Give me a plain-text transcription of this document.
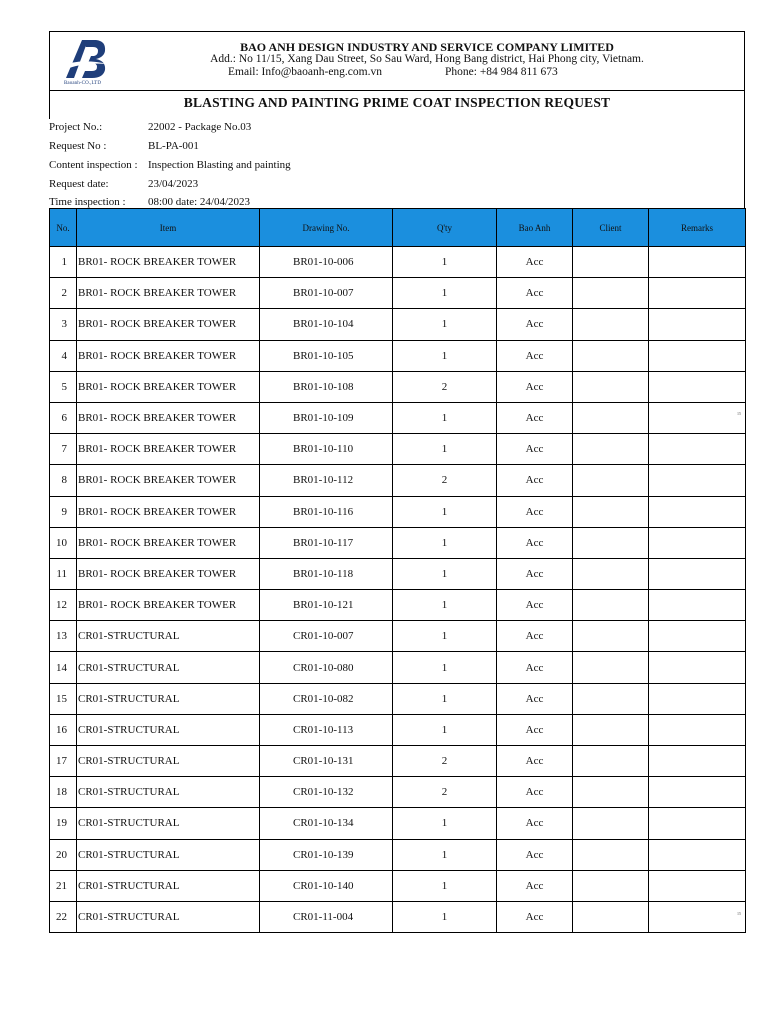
Baoanh-CO.,LTD
BAO ANH DESIGN INDUSTRY AND SERVICE COMPANY LIMITED
Add.: No 11/15, Xang Dau Street, So Sau Ward, Hong Bang district, Hai Phong city, Vietnam.
Email: Info@baoanh-eng.com.vn	Phone: +84 984 811 673
BLASTING AND PAINTING PRIME COAT INSPECTION REQUEST
Project No.:	22002 - Package No.03
Request No :	BL-PA-001
Content inspection : Inspection Blasting and painting
Request date:	23/04/2023
Time inspection : 08:00 date: 24/04/2023
No.	Item	Drawing No.	Q'ty	Bao Anh	Client	Remarks
1	BR01- ROCK BREAKER TOWER	BR01-10-006	1	Acc		
2	BR01- ROCK BREAKER TOWER	BR01-10-007	1	Acc		
3	BR01- ROCK BREAKER TOWER	BR01-10-104	1	Acc		
4	BR01- ROCK BREAKER TOWER	BR01-10-105	1	Acc		
5	BR01- ROCK BREAKER TOWER	BR01-10-108	2	Acc		
6	BR01- ROCK BREAKER TOWER	BR01-10-109	1	Acc		
7	BR01- ROCK BREAKER TOWER	BR01-10-110	1	Acc		
8	BR01- ROCK BREAKER TOWER	BR01-10-112	2	Acc		
9	BR01- ROCK BREAKER TOWER	BR01-10-116	1	Acc		
10	BR01- ROCK BREAKER TOWER	BR01-10-117	1	Acc		
11	BR01- ROCK BREAKER TOWER	BR01-10-118	1	Acc		
12	BR01- ROCK BREAKER TOWER	BR01-10-121	1	Acc		
13	CR01-STRUCTURAL	CR01-10-007	1	Acc		
14	CR01-STRUCTURAL	CR01-10-080	1	Acc		
15	CR01-STRUCTURAL	CR01-10-082	1	Acc		
16	CR01-STRUCTURAL	CR01-10-113	1	Acc		
17	CR01-STRUCTURAL	CR01-10-131	2	Acc		
18	CR01-STRUCTURAL	CR01-10-132	2	Acc		
19	CR01-STRUCTURAL	CR01-10-134	1	Acc		
20	CR01-STRUCTURAL	CR01-10-139	1	Acc		
21	CR01-STRUCTURAL	CR01-10-140	1	Acc		
22	CR01-STRUCTURAL	CR01-11-004	1	Acc		
15
15
